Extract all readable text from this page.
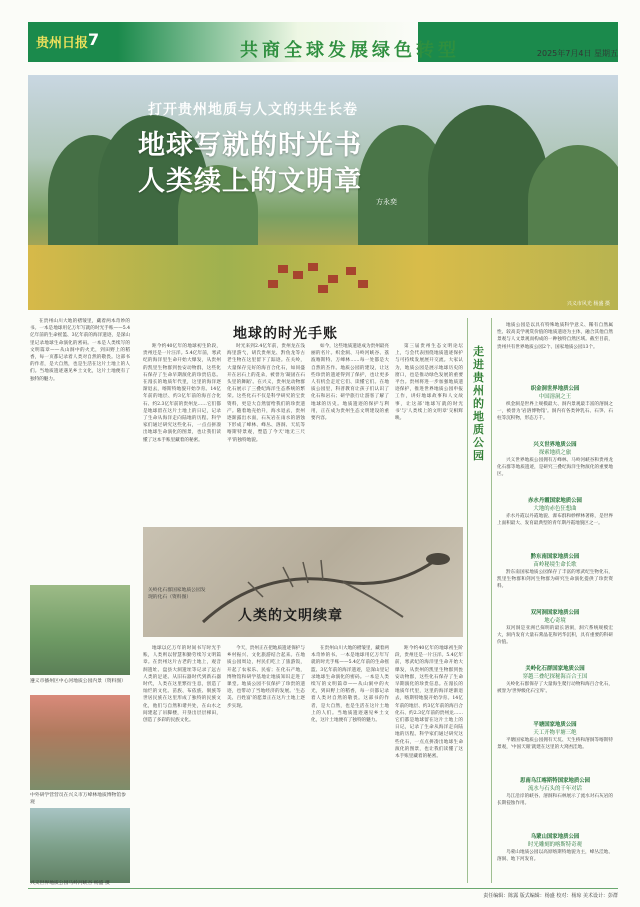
贵州日报 7
共商全球发展绿色转型	2025年7月4日 星期五
打开贵州地质与人文的共生长卷
地球写就的时光书
人类续上的文明章
方永奕
兴义市风光 杨盛 摄

在贵州山川大地的褶皱里，藏着两本奇妙的书。一本是地球用亿万年写就的时光手账——5.4亿年前的生命摇篮、3亿年前的海洋遗迹，是深山里记录地球生命演化的密码。一本是人类续写的文明篇章——从山洞中的火光，到田野上的稻香，每一页都记录着人类对自然的敬畏。这部书的作者，是大自然，也是生活在这片土地上的人们。当地质遗迹遇见乡土文化，这片土地便有了独特的魅力。

地球的时光手账

距今约40亿年的地球初生阶段，贵州还是一片汪洋。5.4亿年前，寒武纪的海洋里生命开始大爆发，从贵州的凯里生物群到瓮安动物群，这些化石保存了生命早期演化的珍贵信息。在漫长的地质年代里，这里的海洋逐渐退去，喀斯特地貌开始孕育。14亿年前的地层、约3亿年前的海百合化石、约2.3亿年前的贵州龙……它们都是地球留在这片土地上的日记，记录了生命从海洋走向陆地的历程。科学家们通过研究这些化石，一点点拼凑出地球生命演化的图景，也让我们读懂了这本手账里藏着的秘密。

时光来到2.4亿年前，贵州龙在浅海里游弋，胡氏贵州龙、黔鱼龙等古老生物在这里留下了踪迹。在关岭，大量保存完好的海百合化石，如同盛开在岩石上的花朵，被誉为'凝固在石头里的舞蹈'。在兴义，贵州龙动物群化石展示了三叠纪海洋生态系统的繁荣。这些化石不仅是科学研究的宝贵资料，更是大自然留给我们的珍贵遗产。随着地壳抬升，海水退去，贵州逐渐露出水面，石灰岩在雨水的溶蚀下形成了峰林、峰丛、溶洞、天坑等喀斯特景观，塑造了今天'地无三尺平'的独特地貌。

如今，这些地质遗迹成为贵州最亮丽的名片。织金洞、马岭河峡谷、荔波喀斯特、万峰林……每一处都是大自然的杰作。地质公园的建设，让这些珍贵的遗迹得到了保护，也让更多人有机会走近它们、读懂它们。在地质公园里，科普教育让孩子们认识了化石和岩石；研学旅行让游客了解了地球的历史。地质遗迹的保护与利用，正在成为贵州生态文明建设的重要内容。

第三届贵州生态文明论坛上，与会代表围绕地质遗迹保护与可持续发展展开交流。大家认为，地质公园是展示地球历史的窗口，也是推动绿色发展的重要平台。贵州将进一步加强地质遗迹保护，推进世界地质公园申报工作，讲好地球故事和人文故事，让这部'地球写就的时光书'与'人类续上的文明章'交相辉映。

遵义市播州区中心河地质公园内景（资料图）
中外研学营营员在兴义市万峰林地质博物馆参观
兴义世界地质公园马岭河峡谷 杨盛 摄
关岭化石群国家地质公园发现的化石（资料图）
人类的文明续章

地球以亿万年的时间书写时光手账，人类则以智慧和勤劳续写文明篇章。在贵州这片古老的土地上，观音洞遗址、盘县大洞遗址等记录了远古人类的足迹。从旧石器时代到新石器时代，人类在这里繁衍生息，创造了灿烂的文化。苗族、布依族、侗族等世居民族在这里形成了独特的民族文化，他们与自然和谐共处，在山水之间建起了吊脚楼，开垦出层层梯田，创造了多彩的民族文化。

今天，贵州正在把地质遗迹保护与乡村振兴、文化旅游结合起来。在地质公园周边，村民们吃上了旅游饭，开起了农家乐、民宿；在化石产地，博物馆和研学基地让地质知识走进了课堂。地质公园不仅保护了珍贵的遗迹，也带动了当地经济的发展。'生态美、百姓富'的愿景正在这片土地上逐步实现。

在贵州山川大地的褶皱里，藏着两本奇妙的书。一本是地球用亿万年写就的时光手账——5.4亿年前的生命摇篮、3亿年前的海洋遗迹，是深山里记录地球生命演化的密码。一本是人类续写的文明篇章——从山洞中的火光，到田野上的稻香，每一页都记录着人类对自然的敬畏。这部书的作者，是大自然，也是生活在这片土地上的人们。当地质遗迹遇见乡土文化，这片土地便有了独特的魅力。

距今约40亿年的地球初生阶段，贵州还是一片汪洋。5.4亿年前，寒武纪的海洋里生命开始大爆发，从贵州的凯里生物群到瓮安动物群，这些化石保存了生命早期演化的珍贵信息。在漫长的地质年代里，这里的海洋逐渐退去，喀斯特地貌开始孕育。14亿年前的地层、约3亿年前的海百合化石、约2.3亿年前的贵州龙……它们都是地球留在这片土地上的日记，记录了生命从海洋走向陆地的历程。科学家们通过研究这些化石，一点点拼凑出地球生命演化的图景，也让我们读懂了这本手账里藏着的秘密。

走进贵州的地质公园

地质公园是以具有特殊地质科学意义、稀有自然属性、较高美学观赏价值的地质遗迹为主体，融合其他自然景观与人文景观而构成的一种独特自然区域。截至目前，贵州共有世界地质公园2个、国家地质公园13个。

织金洞世界地质公园
中国溶洞之王

织金洞是世界上规模最大、洞内景观最丰富的溶洞之一，被誉为'岩溶博物馆'。洞内有各类钟乳石、石笋、石柱等沉积物，形态万千。

兴义世界地质公园
探索地质之旅

兴义世界地质公园拥有万峰林、马岭河峡谷和贵州龙化石群等地质遗迹，是研究三叠纪海洋生物演化的重要地区。

赤水丹霞国家地质公园
大地的赤色狂想曲

赤水丹霞以丹霞地貌、瀑布群和桫椤林著称，是世界上面积最大、发育最典型的青年期丹霞地貌区之一。

黔东南国家地质公园
苗岭秘境生命长歌

黔东南国家地质公园保存了丰富的寒武纪生物化石，凯里生物群和剑河生物群为研究生命演化提供了珍贵资料。

双河洞国家地质公园
地心奇境

双河洞是亚洲已探明的最长溶洞，洞穴系统规模宏大，洞内发育大量石膏晶花和钙华沉积，具有重要的科研价值。

关岭化石群国家地质公园
穿越三叠纪探秘海百合王国

关岭化石群保存了大量海生爬行动物和海百合化石，被誉为'世界级化石宝库'。

平塘国家地质公园
天工开物平塘三绝

平塘国家地质公园拥有天坑、天生桥和溶洞等喀斯特景观，'中国天眼'就建在这里的大窝凼洼地。

思南乌江喀斯特国家地质公园
流水与石头的千年对话

乌江沿岸的峡谷、溶洞和石林展示了流水对石灰岩的长期侵蚀作用。

乌蒙山国家地质公园
时光雕刻的喀斯特奇观

乌蒙山地质公园以高原喀斯特地貌为主，峰丛洼地、溶洞、地下河发育。

责任编辑：陈露 版式编辑：杨盛 校对：杨琼 美术设计：彭群
